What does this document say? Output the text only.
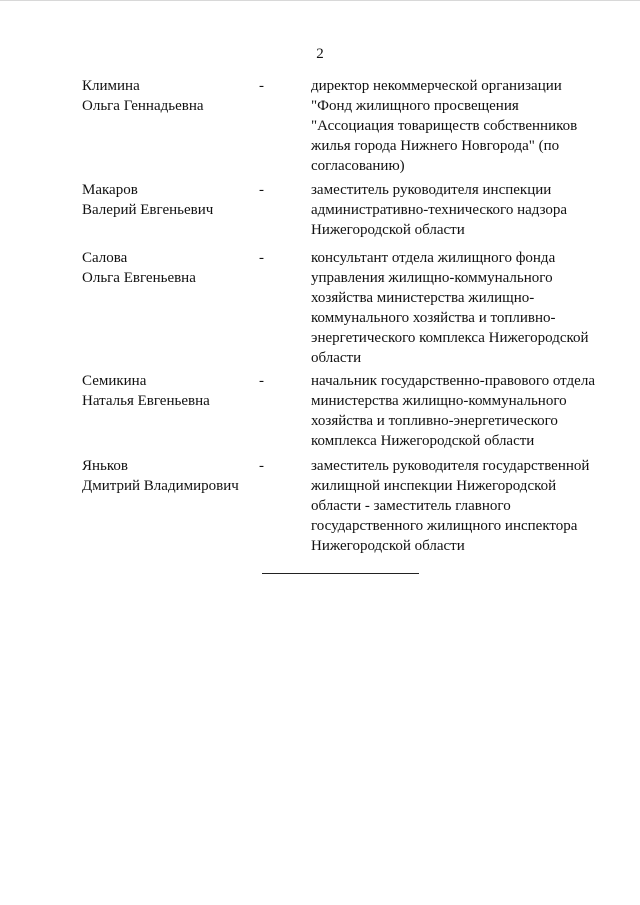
2
Климина
Ольга Геннадьевна
-	директор некоммерческой организации
"Фонд жилищного просвещения
"Ассоциация товариществ собственников
жилья города Нижнего Новгорода" (по
согласованию)
Макаров
Валерий Евгеньевич
-	заместитель руководителя инспекции
административно-технического надзора
Нижегородской области
Салова
Ольга Евгеньевна
-	консультант отдела жилищного фонда
управления жилищно-коммунального
хозяйства министерства жилищно-
коммунального хозяйства и топливно-
энергетического комплекса Нижегородской
области
Семикина
Наталья Евгеньевна
-	начальник государственно-правового отдела
министерства жилищно-коммунального
хозяйства и топливно-энергетического
комплекса Нижегородской области
Яньков
Дмитрий Владимирович
-	заместитель руководителя государственной
жилищной инспекции Нижегородской
области - заместитель главного
государственного жилищного инспектора
Нижегородской области
